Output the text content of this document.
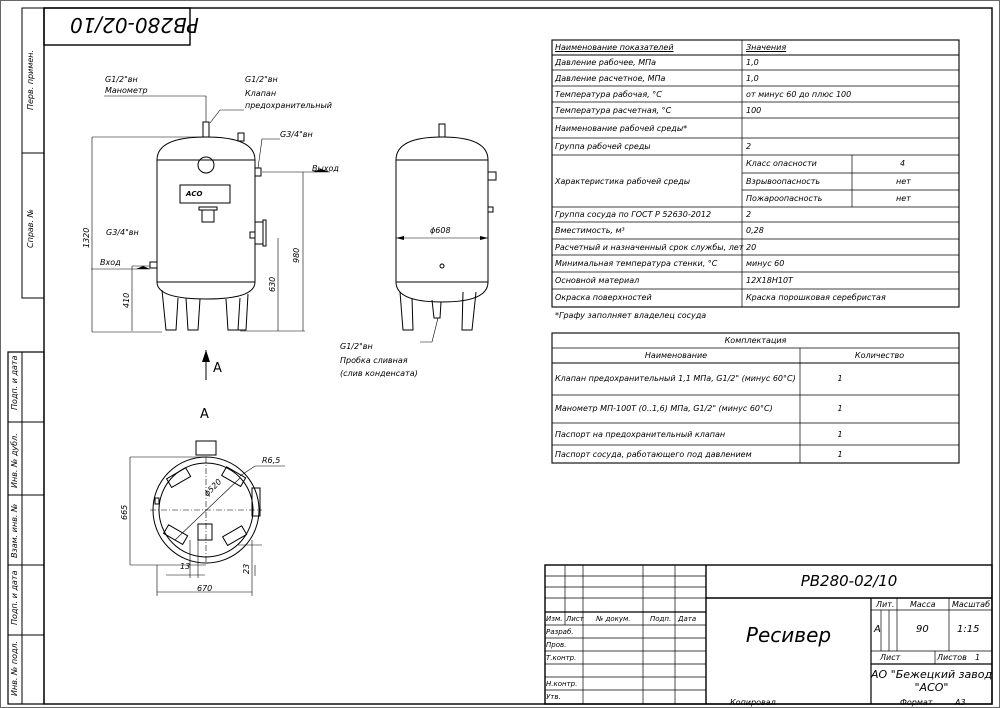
РВ280-02/10
Перв. примен.
Справ. №
Подп. и дата
Инв. № дубл.
Взам. инв. №
Подп. и дата
Инв. № подл.
G1/2"вн
Манометр
G1/2"вн
Клапан
предохранительный
G3/4"вн
Выход
G3/4"вн
Вход
G1/2"вн
Пробка сливная
(слив конденсата)
A
A
АСО
1320
980
630
410
ϕ608
665
R6,5
ϕ520
13	23
670
Наименование показателей	Значения
Давление рабочее, МПа	1,0
Давление расчетное, МПа	1,0
Температура рабочая, °С	от минус 60 до плюс 100
Температура расчетная, °С	100
Наименование рабочей среды*
Группа рабочей среды	2
Характеристика рабочей среды
Класс опасности	4
Взрывоопасность	нет
Пожароопасность	нет
Группа сосуда по ГОСТ Р 52630-2012	2
Вместимость, м³	0,28
Расчетный и назначенный срок службы, лет 20
Минимальная температура стенки, °С	минус 60
Основной материал	12Х18Н10Т
Окраска поверхностей	Краска порошковая серебристая
*Графу заполняет владелец сосуда
Комплектация
Наименование	Количество
Клапан предохранительный 1,1 МПа, G1/2" (минус 60°С)	1
Манометр МП-100Т (0..1,6) МПа, G1/2" (минус 60°С)	1
Паспорт на предохранительный клапан	1
Паспорт сосуда, работающего под давлением	1
РВ280-02/10
Ресивер
Изм. Лист № докум.	Подп. Дата
Разраб.
Пров.
Т.контр.
Н.контр.
Утв.
Лит. Масса Масштаб
А	90	1:15
Лист	Листов 1
АО "Бежецкий завод
"АСО"
Копировал	Формат	А3
